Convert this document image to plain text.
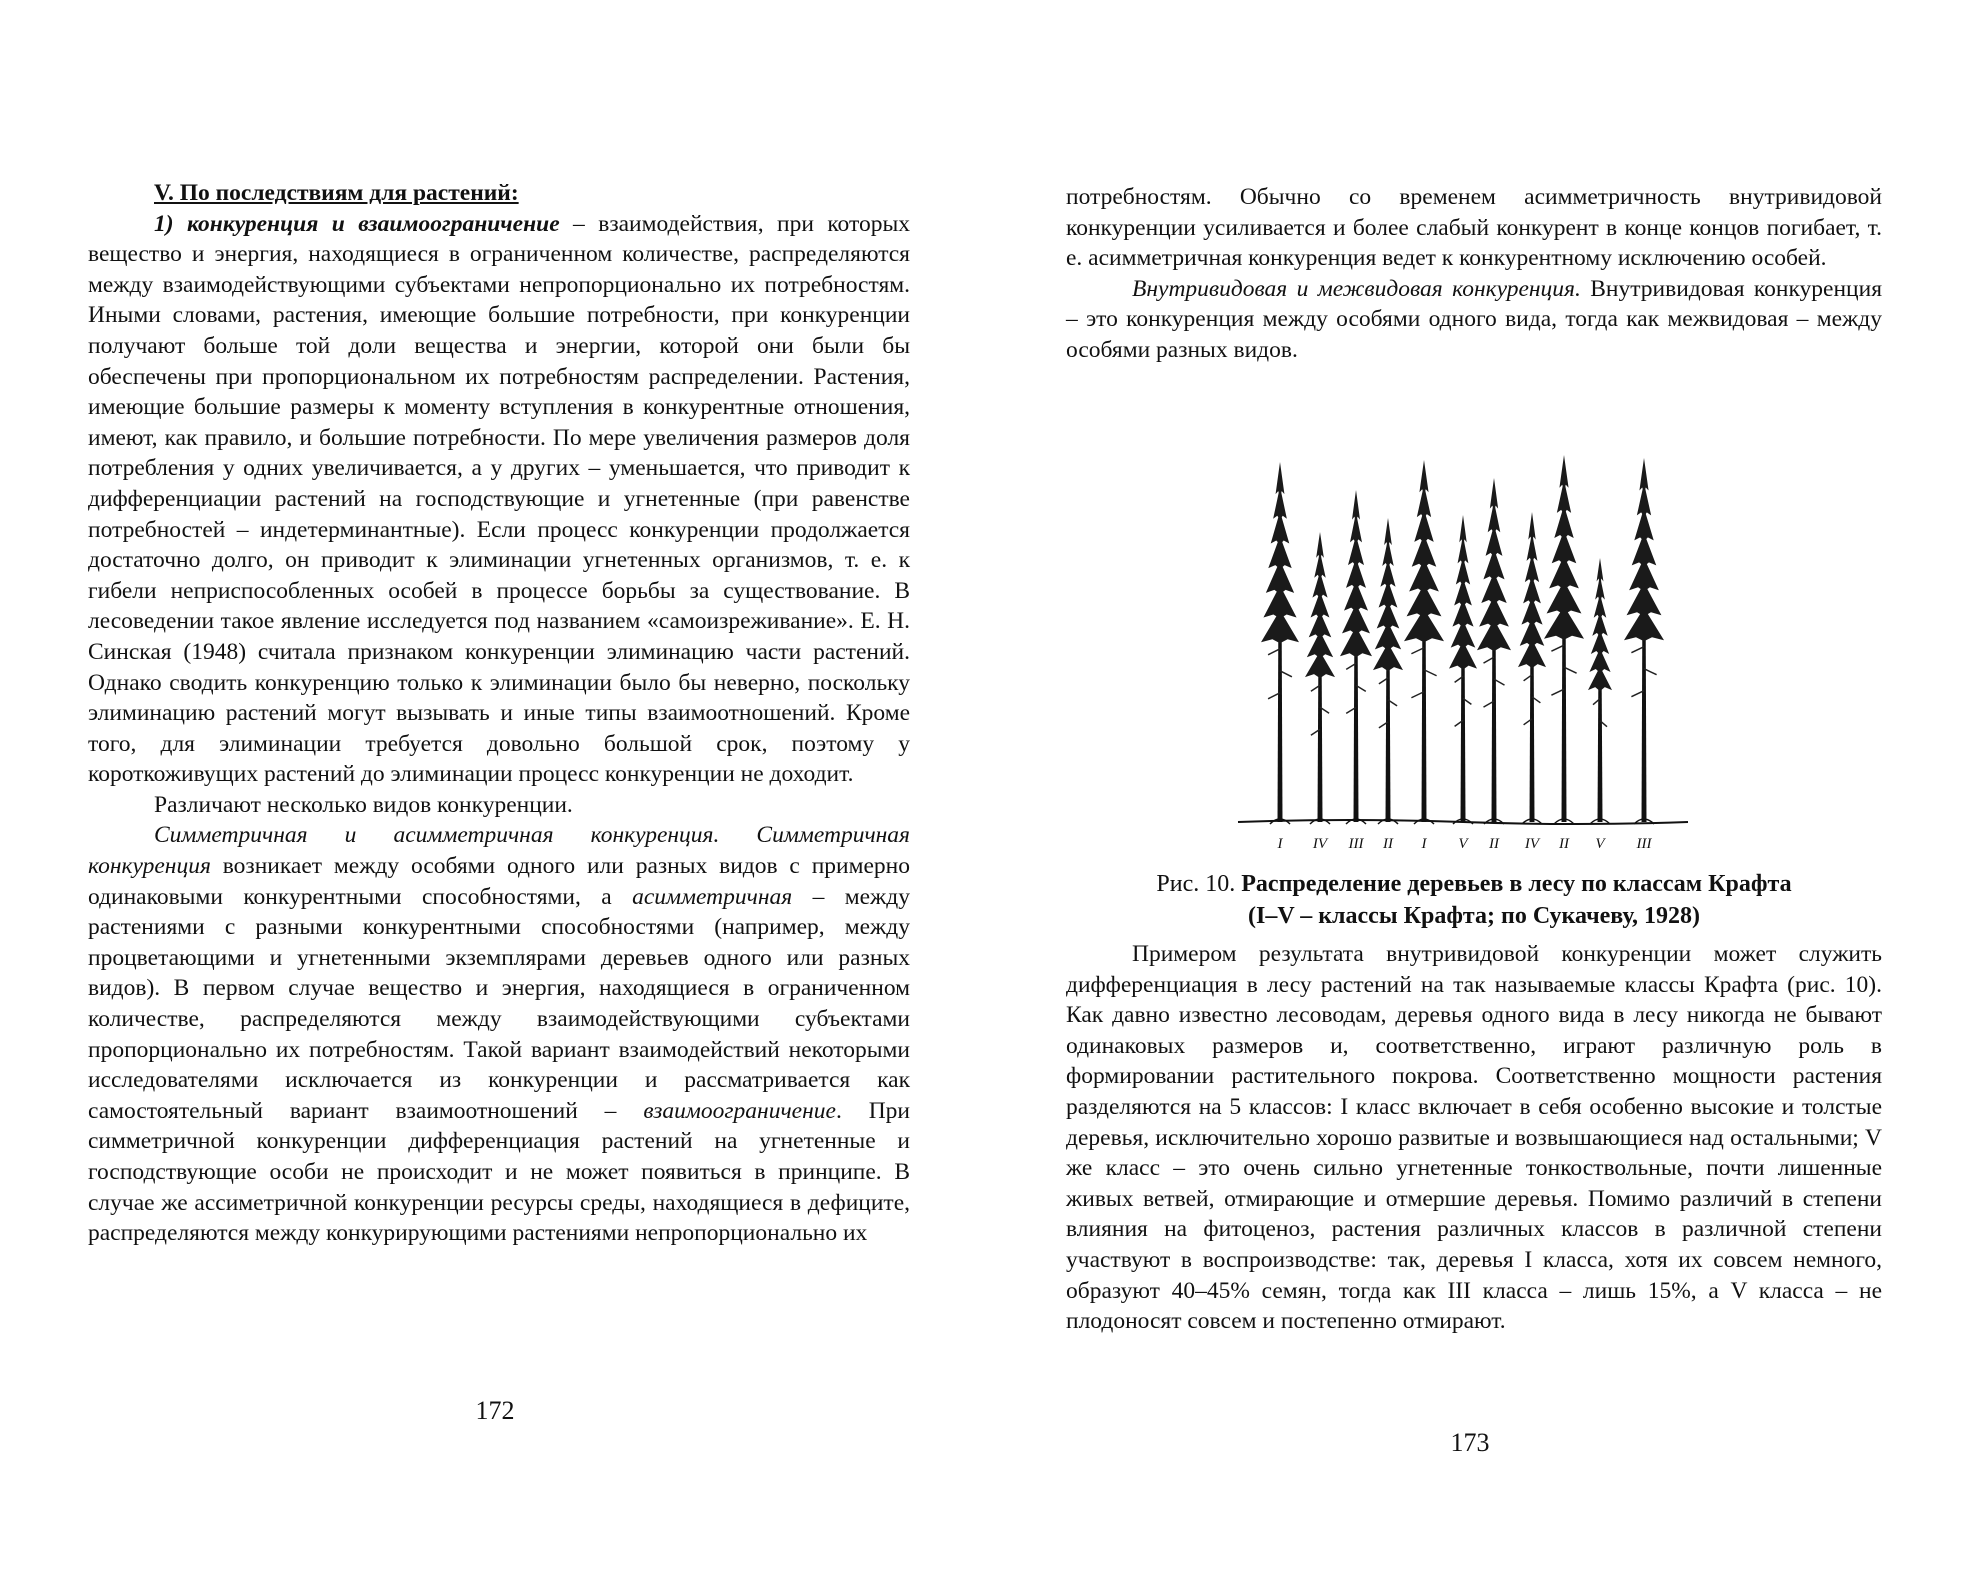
V. По последствиям для растений:

1) конкуренция и взаимоограничение – взаимодействия, при которых вещество и энергия, находящиеся в ограниченном количестве, распределяются между взаимодействующими субъектами непропорционально их потребностям. Иными словами, растения, имеющие большие потребности, при конкуренции получают больше той доли вещества и энергии, которой они были бы обеспечены при пропорциональном их потребностям распределении. Растения, имеющие большие размеры к моменту вступления в конкурентные отношения, имеют, как правило, и большие потребности. По мере увеличения размеров доля потребления у одних увеличивается, а у других – уменьшается, что приводит к дифференциации растений на господствующие и угнетенные (при равенстве потребностей – индетерминантные). Если процесс конкуренции продолжается достаточно долго, он приводит к элиминации угнетенных организмов, т. е. к гибели неприспособленных особей в процессе борьбы за существование. В лесоведении такое явление исследуется под названием «самоизреживание». Е. Н. Синская (1948) считала признаком конкуренции элиминацию части растений. Однако сводить конкуренцию только к элиминации было бы неверно, поскольку элиминацию растений могут вызывать и иные типы взаимоотношений. Кроме того, для элиминации требуется довольно большой срок, поэтому у короткоживущих растений до элиминации процесс конкуренции не доходит.

Различают несколько видов конкуренции.

Симметричная и асимметричная конкуренция. Симметричная конкуренция возникает между особями одного или разных видов с примерно одинаковыми конкурентными способностями, а асимметричная – между растениями с разными конкурентными способностями (например, между процветающими и угнетенными экземплярами деревьев одного или разных видов). В первом случае вещество и энергия, находящиеся в ограниченном количестве, распределяются между взаимодействующими субъектами пропорционально их потребностям. Такой вариант взаимодействий некоторыми исследователями исключается из конкуренции и рассматривается как самостоятельный вариант взаимоотношений – взаимоограничение. При симметричной конкуренции дифференциация растений на угнетенные и господствующие особи не происходит и не может появиться в принципе. В случае же ассиметричной конкуренции ресурсы среды, находящиеся в дефиците, распределяются между конкурирующими растениями непропорционально их

172

потребностям. Обычно со временем асимметричность внутривидовой конкуренции усиливается и более слабый конкурент в конце концов погибает, т. е. асимметричная конкуренция ведет к конкурентному исключению особей.

Внутривидовая и межвидовая конкуренция. Внутривидовая конкуренция – это конкуренция между особями одного вида, тогда как межвидовая – между особями разных видов.

I IV III II I V II IV II V III
Рис. 10. Распределение деревьев в лесу по классам Крафта
(I–V – классы Крафта; по Сукачеву, 1928)

Примером результата внутривидовой конкуренции может служить дифференциация в лесу растений на так называемые классы Крафта (рис. 10). Как давно известно лесоводам, деревья одного вида в лесу никогда не бывают одинаковых размеров и, соответственно, играют различную роль в формировании растительного покрова. Соответственно мощности растения разделяются на 5 классов: I класс включает в себя особенно высокие и толстые деревья, исключительно хорошо развитые и возвышающиеся над остальными; V же класс – это очень сильно угнетенные тонкоствольные, почти лишенные живых ветвей, отмирающие и отмершие деревья. Помимо различий в степени влияния на фитоценоз, растения различных классов в различной степени участвуют в воспроизводстве: так, деревья I класса, хотя их совсем немного, образуют 40–45% семян, тогда как III класса – лишь 15%, а V класса – не плодоносят совсем и постепенно отмирают.

173
